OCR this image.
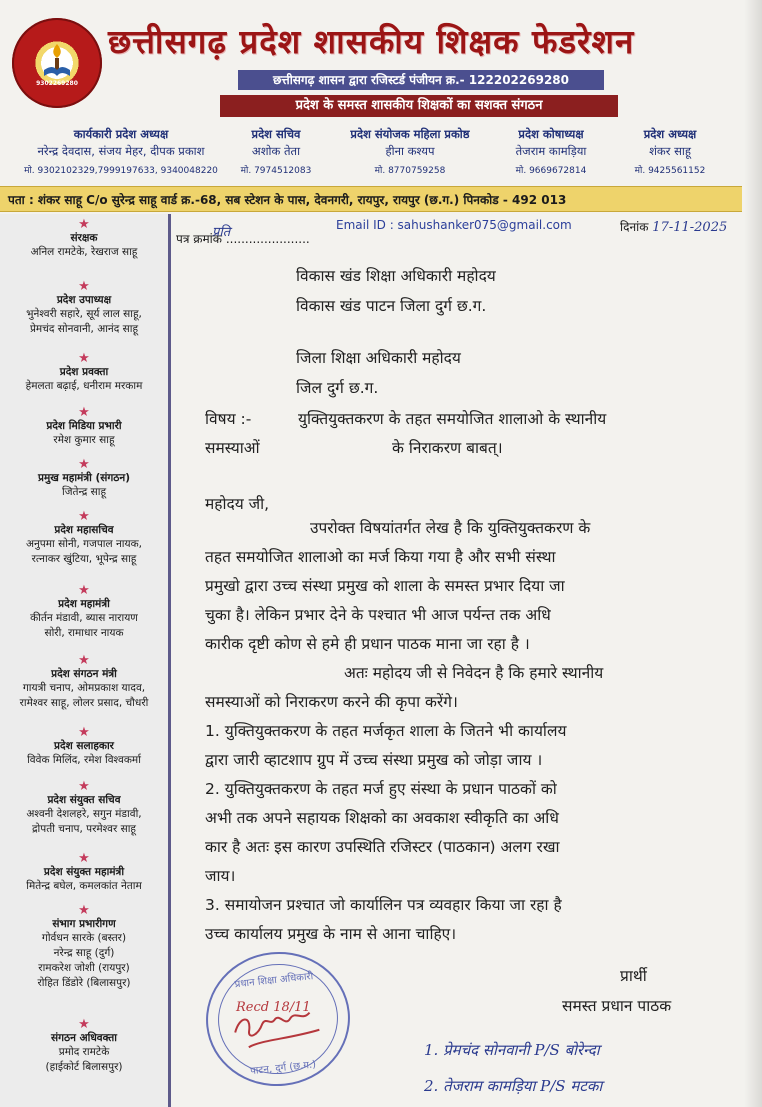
9302269280
छत्तीसगढ़ प्रदेश शासकीय शिक्षक फेडरेशन
छत्तीसगढ़ शासन द्वारा रजिस्टर्ड पंजीयन क्र.- 122202269280
प्रदेश के समस्त शासकीय शिक्षकों का सशक्त संगठन
कार्यकारी प्रदेश अध्यक्ष
नरेन्द्र देवदास, संजय मेहर, दीपक प्रकाश
मो. 9302102329,7999197633, 9340048220
प्रदेश सचिव
अशोक तेता
मो. 7974512083
प्रदेश संयोजक महिला प्रकोष्ठ
हीना कश्यप
मो. 8770759258
प्रदेश कोषाध्यक्ष
तेजराम कामड़िया
मो. 9669672814
प्रदेश अध्यक्ष
शंकर साहू
मो. 9425561152
पता : शंकर साहू C/o सुरेन्द्र साहू वार्ड क्र.-68, सब स्टेशन के पास, देवनगरी, रायपुर, रायपुर (छ.ग.) पिनकोड - 492 013
★
संरक्षक
अनिल रामटेके, रेखराज साहू
★
प्रदेश उपाध्यक्ष
भुनेश्वरी सहारे, सूर्य लाल साहू,
प्रेमचंद सोनवानी, आनंद साहू
★
प्रदेश प्रवक्ता
हेमलता बढ़ाई, धनीराम मरकाम
★
प्रदेश मिडिया प्रभारी
रमेश कुमार साहू
★
प्रमुख महामंत्री (संगठन)
जितेन्द्र साहू
★
प्रदेश महासचिव
अनुपमा सोनी, गजपाल नायक,
रत्नाकर खुंटिया, भूपेन्द्र साहू
★
प्रदेश महामंत्री
कीर्तन मंडावी, ब्यास नारायण
सोरी, रामाधार नायक
★
प्रदेश संगठन मंत्री
गायत्री चनाप, ओमप्रकाश यादव,
रामेश्वर साहू, लोलर प्रसाद, चौधरी
★
प्रदेश सलाहकार
विवेक मिलिंद, रमेश विश्वकर्मा
★
प्रदेश संयुक्त सचिव
अश्वनी देशलहरे, सगुन मंडावी,
द्रोपती चनाप, परमेश्वर साहू
★
प्रदेश संयुक्त महामंत्री
मितेन्द्र बघेल, कमलकांत नेताम
★
संभाग प्रभारीगण
गोर्वधन सारके (बस्तर)
नरेन्द्र साहू (दुर्ग)
रामकरेश जोशी (रायपुर)
रोहित डिंडोरे (बिलासपुर)
★
संगठन अधिवक्ता
प्रमोद रामटेके
(हाईकोर्ट बिलासपुर)
पत्र क्रमांक ......................
प्रति	Email ID : sahushanker075@gmail.com	दिनांक 17-11-2025
विकास खंड शिक्षा अधिकारी महोदय
विकास खंड पाटन जिला दुर्ग छ.ग.
जिला शिक्षा अधिकारी महोदय
जिल दुर्ग छ.ग.
विषय :-	युक्तियुक्तकरण के तहत समयोजित शालाओ के स्थानीय
समस्याओं	के निराकरण बाबत्।
महोदय जी,
उपरोक्त विषयांतर्गत लेख है कि युक्तियुक्तकरण के
तहत समयोजित शालाओ का मर्ज किया गया है और सभी संस्था
प्रमुखो द्वारा उच्च संस्था प्रमुख को शाला के समस्त प्रभार दिया जा
चुका है। लेकिन प्रभार देने के पश्चात भी आज पर्यन्त तक अधि
कारीक दृष्टी कोण से हमे ही प्रधान पाठक माना जा रहा है ।
अतः महोदय जी से निवेदन है कि हमारे स्थानीय
समस्याओं को निराकरण करने की कृपा करेंगे।
1. युक्तियुक्तकरण के तहत मर्जकृत शाला के जितने भी कार्यालय
द्वारा जारी व्हाटशाप ग्रुप में उच्च संस्था प्रमुख को जोड़ा जाय ।
2. युक्तियुक्तकरण के तहत मर्ज हुए संस्था के प्रधान पाठकों को
अभी तक अपने सहायक शिक्षको का अवकाश स्वीकृति का अधि
कार है अतः इस कारण उपस्थिति रजिस्टर (पाठकान) अलग रखा
जाय।
3. समायोजन प्रश्चात जो कार्यालिन पत्र व्यवहार किया जा रहा है
उच्च कार्यालय प्रमुख के नाम से आना चाहिए।
प्रधान शिक्षा अधिकारी
पाटन, दुर्ग (छ.ग.)
Recd 18/11
प्रार्थी
समस्त प्रधान पाठक
1. प्रेमचंद सोनवानी P/S बोरेन्दा
2. तेजराम कामड़िया P/S मटका
